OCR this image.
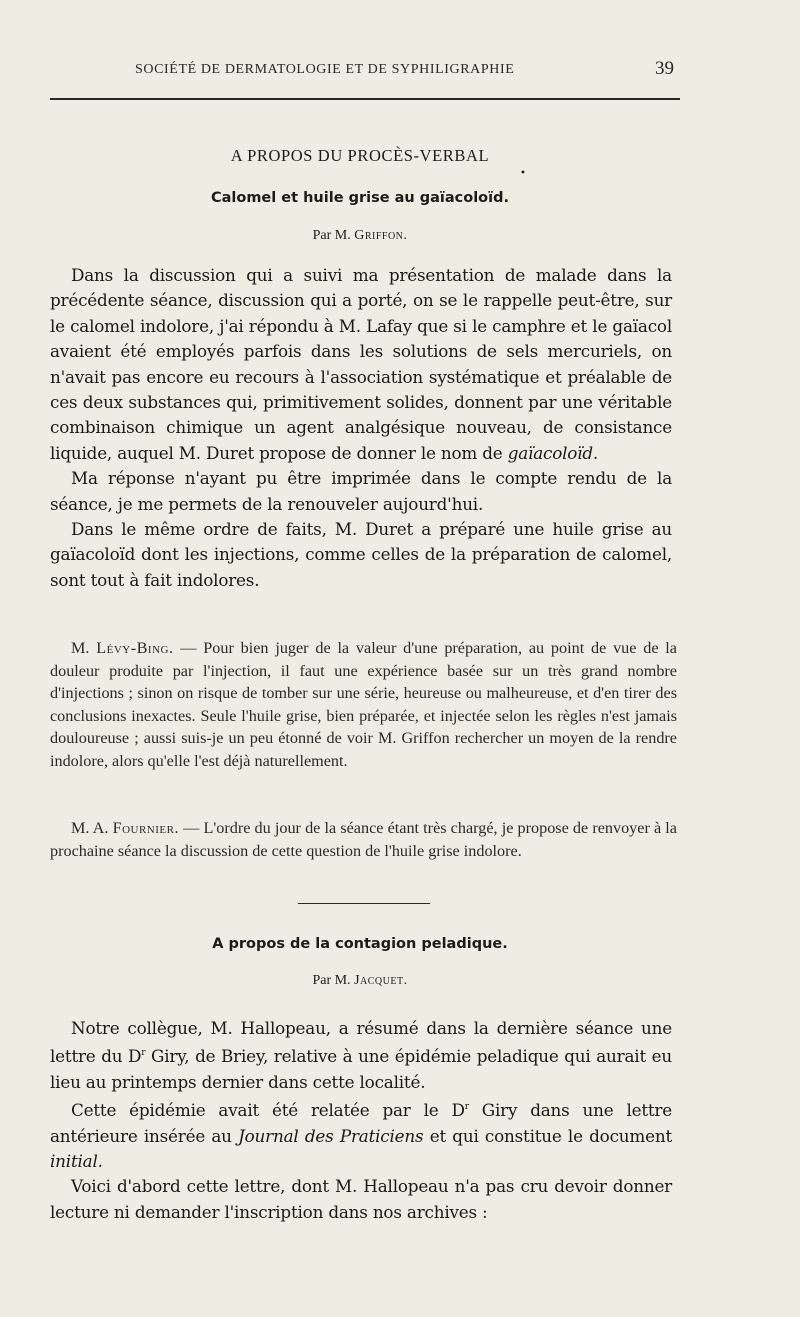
SOCIÉTÉ DE DERMATOLOGIE ET DE SYPHILIGRAPHIE	39
A PROPOS DU PROCÈS-VERBAL
•
Calomel et huile grise au gaïacoloïd.
Par M. Griffon.

Dans la discussion qui a suivi ma présentation de malade dans la précédente séance, discussion qui a porté, on se le rappelle peut-être, sur le calomel indolore, j'ai répondu à M. Lafay que si le camphre et le gaïacol avaient été employés parfois dans les solutions de sels mercuriels, on n'avait pas encore eu recours à l'association systématique et préalable de ces deux substances qui, primitivement solides, donnent par une véritable combinaison chimique un agent analgésique nouveau, de consistance liquide, auquel M. Duret propose de donner le nom de gaïacoloïd.

Ma réponse n'ayant pu être imprimée dans le compte rendu de la séance, je me permets de la renouveler aujourd'hui.

Dans le même ordre de faits, M. Duret a préparé une huile grise au gaïacoloïd dont les injections, comme celles de la préparation de calomel, sont tout à fait indolores.

M. Lévy-Bing. — Pour bien juger de la valeur d'une préparation, au point de vue de la douleur produite par l'injection, il faut une expérience basée sur un très grand nombre d'injections ; sinon on risque de tomber sur une série, heureuse ou malheureuse, et d'en tirer des conclusions inexactes. Seule l'huile grise, bien préparée, et injectée selon les règles n'est jamais douloureuse ; aussi suis-je un peu étonné de voir M. Griffon rechercher un moyen de la rendre indolore, alors qu'elle l'est déjà naturellement.

M. A. Fournier. — L'ordre du jour de la séance étant très chargé, je propose de renvoyer à la prochaine séance la discussion de cette question de l'huile grise indolore.

A propos de la contagion peladique.
Par M. Jacquet.

Notre collègue, M. Hallopeau, a résumé dans la dernière séance une lettre du $D^r$ Giry, de Briey, relative à une épidémie peladique qui aurait eu lieu au printemps dernier dans cette localité.

Cette épidémie avait été relatée par le $D^r$ Giry dans une lettre antérieure insérée au Journal des Praticiens et qui constitue le document initial.

Voici d'abord cette lettre, dont M. Hallopeau n'a pas cru devoir donner lecture ni demander l'inscription dans nos archives :
